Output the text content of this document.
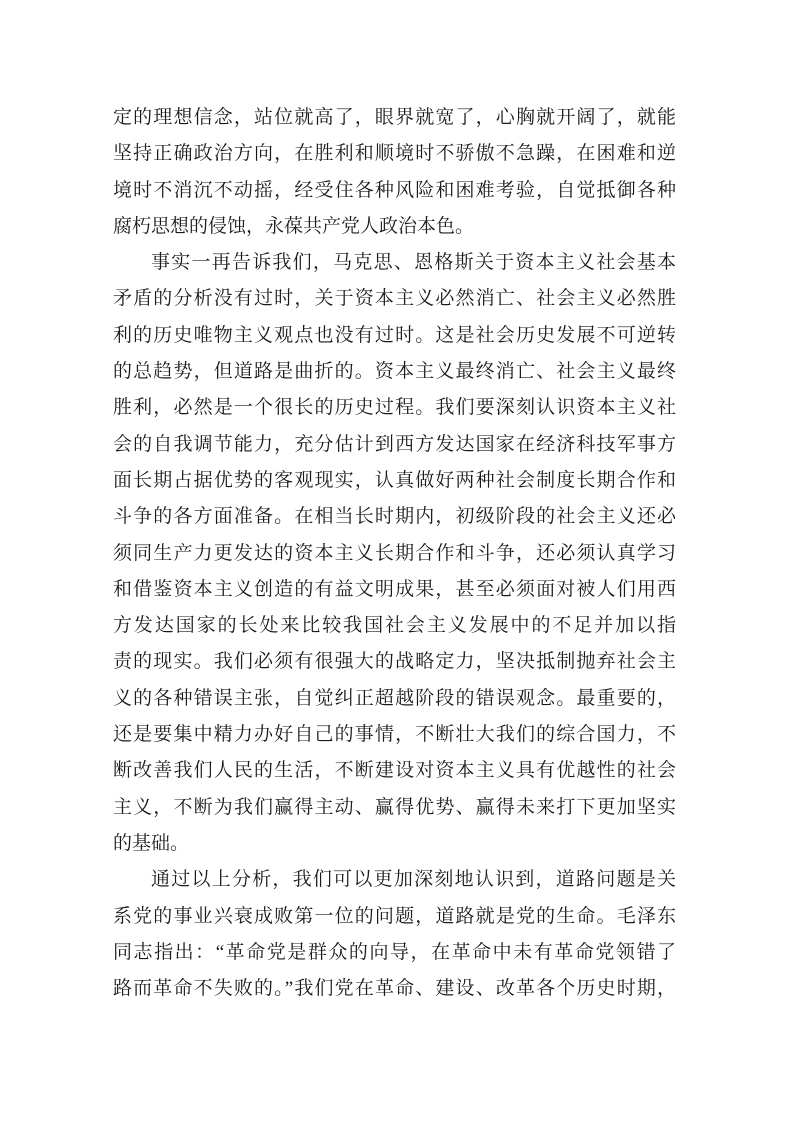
定的理想信念，站位就高了，眼界就宽了，心胸就开阔了，就能
坚持正确政治方向，在胜利和顺境时不骄傲不急躁，在困难和逆
境时不消沉不动摇，经受住各种风险和困难考验，自觉抵御各种
腐朽思想的侵蚀，永葆共产党人政治本色。
事实一再告诉我们，马克思、恩格斯关于资本主义社会基本
矛盾的分析没有过时，关于资本主义必然消亡、社会主义必然胜
利的历史唯物主义观点也没有过时。这是社会历史发展不可逆转
的总趋势，但道路是曲折的。资本主义最终消亡、社会主义最终
胜利，必然是一个很长的历史过程。我们要深刻认识资本主义社
会的自我调节能力，充分估计到西方发达国家在经济科技军事方
面长期占据优势的客观现实，认真做好两种社会制度长期合作和
斗争的各方面准备。在相当长时期内，初级阶段的社会主义还必
须同生产力更发达的资本主义长期合作和斗争，还必须认真学习
和借鉴资本主义创造的有益文明成果，甚至必须面对被人们用西
方发达国家的长处来比较我国社会主义发展中的不足并加以指
责的现实。我们必须有很强大的战略定力，坚决抵制抛弃社会主
义的各种错误主张，自觉纠正超越阶段的错误观念。最重要的，
还是要集中精力办好自己的事情，不断壮大我们的综合国力，不
断改善我们人民的生活，不断建设对资本主义具有优越性的社会
主义，不断为我们赢得主动、赢得优势、赢得未来打下更加坚实
的基础。
通过以上分析，我们可以更加深刻地认识到，道路问题是关
系党的事业兴衰成败第一位的问题，道路就是党的生命。毛泽东
同志指出：“革命党是群众的向导，在革命中未有革命党领错了
路而革命不失败的。”我们党在革命、建设、改革各个历史时期，
